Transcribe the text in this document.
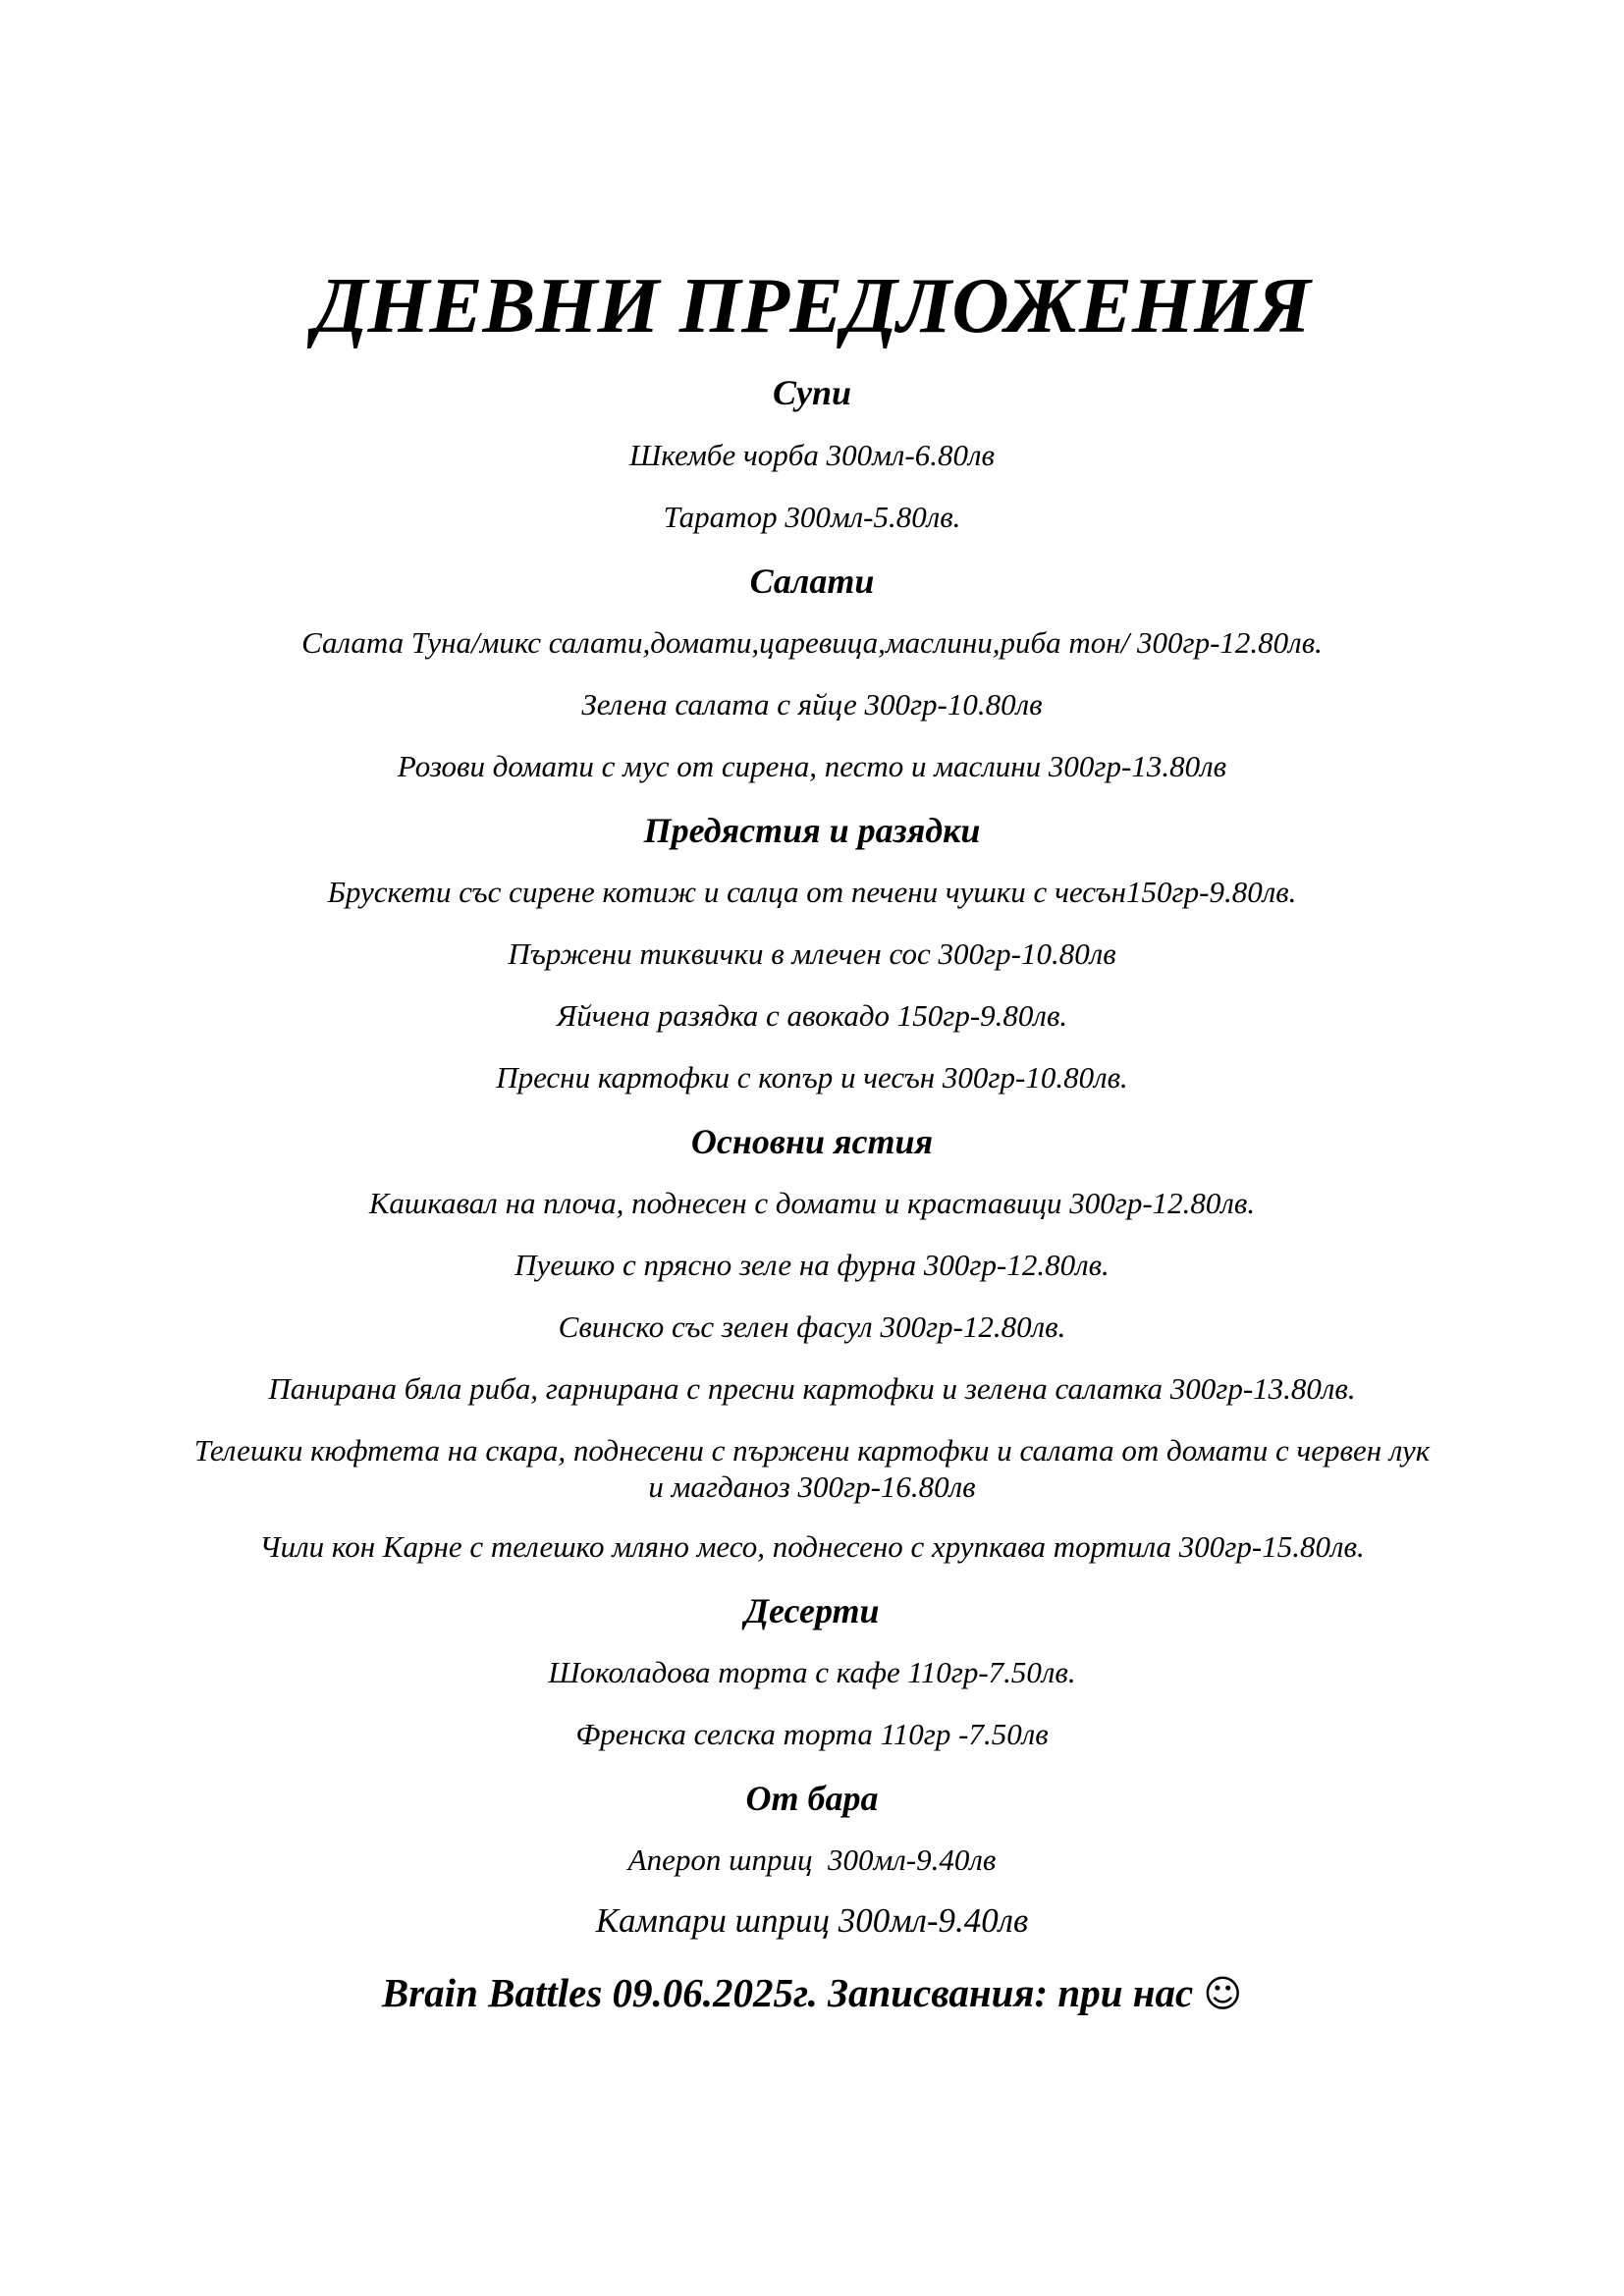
ДНЕВНИ ПРЕДЛОЖЕНИЯ
Супи

Шкембе чорба 300мл-6.80лв

Таратор 300мл-5.80лв.

Салати

Салата Туна/микс салати,домати,царевица,маслини,риба тон/ 300гр-12.80лв.

Зелена салата с яйце 300гр-10.80лв

Розови домати с мус от сирена, песто и маслини 300гр-13.80лв

Предястия и разядки

Брускети със сирене котиж и салца от печени чушки с чесън150гр-9.80лв.

Пържени тиквички в млечен сос 300гр-10.80лв

Яйчена разядка с авокадо 150гр-9.80лв.

Пресни картофки с копър и чесън 300гр-10.80лв.

Основни ястия

Кашкавал на плоча, поднесен с домати и краставици 300гр-12.80лв.

Пуешко с прясно зеле на фурна 300гр-12.80лв.

Свинско със зелен фасул 300гр-12.80лв.

Панирана бяла риба, гарнирана с пресни картофки и зелена салатка 300гр-13.80лв.

Телешки кюфтета на скара, поднесени с пържени картофки и салата от домати с червен лук и магданоз 300гр-16.80лв

Чили кон Карне с телешко мляно месо, поднесено с хрупкава тортила 300гр-15.80лв.

Десерти

Шоколадова торта с кафе 110гр-7.50лв.

Френска селска торта 110гр -7.50лв

От бара

Апероп шприц  300мл-9.40лв

Кампари шприц 300мл-9.40лв

Brain Battles 09.06.2025г. Записвания: при нас ☺
